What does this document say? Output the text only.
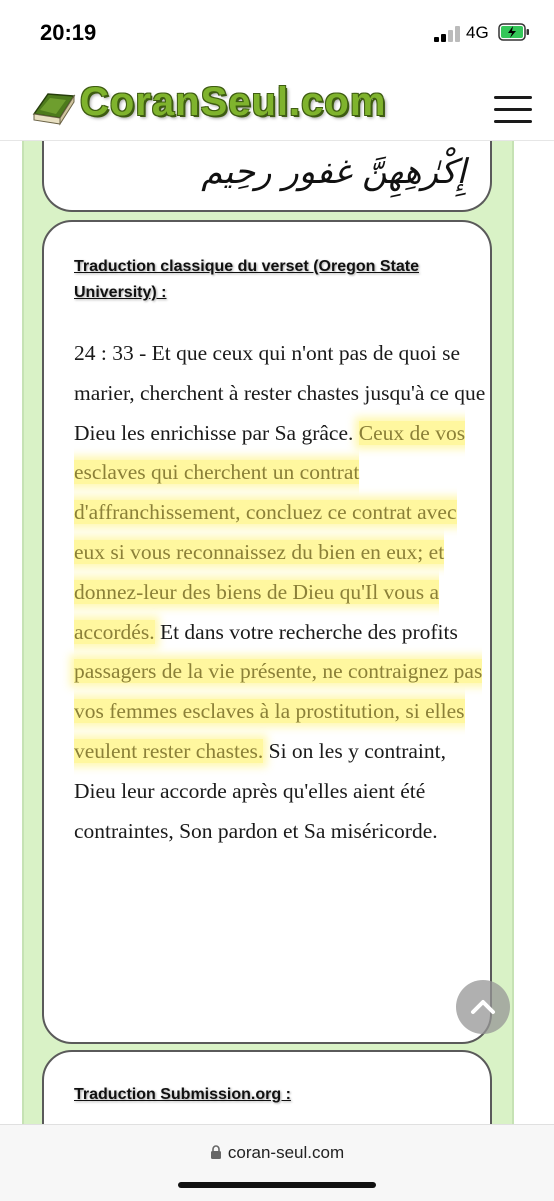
20:19	4G
CoranSeul.com
إِكْرٰهِهِنَّ غفور رحِيم
Traduction classique du verset (Oregon State University) :
24 : 33 - Et que ceux qui n'ont pas de quoi se marier, cherchent à rester chastes jusqu'à ce que Dieu les enrichisse par Sa grâce. Ceux de vos esclaves qui cherchent un contrat d'affranchissement, concluez ce contrat avec eux si vous reconnaissez du bien en eux; et donnez-leur des biens de Dieu qu'Il vous a accordés. Et dans votre recherche des profits passagers de la vie présente, ne contraignez pas vos femmes esclaves à la prostitution, si elles veulent rester chastes. Si on les y contraint, Dieu leur accorde après qu'elles aient été contraintes, Son pardon et Sa miséricorde.
Traduction Submission.org :
coran-seul.com
